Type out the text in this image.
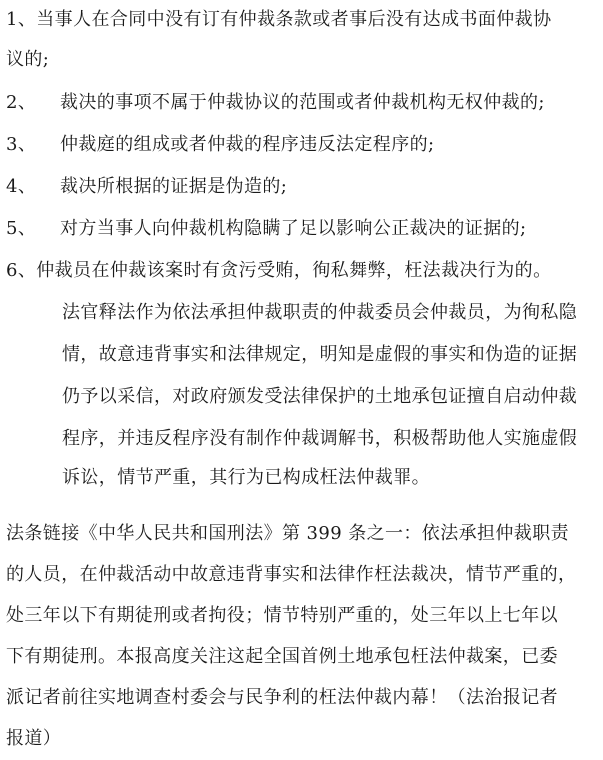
1、当事人在合同中没有订有仲裁条款或者事后没有达成书面仲裁协
议的;
2、 裁决的事项不属于仲裁协议的范围或者仲裁机构无权仲裁的;
3、 仲裁庭的组成或者仲裁的程序违反法定程序的;
4、 裁决所根据的证据是伪造的;
5、 对方当事人向仲裁机构隐瞒了足以影响公正裁决的证据的;
6、仲裁员在仲裁该案时有贪污受贿，徇私舞弊，枉法裁决行为的。
法官释法作为依法承担仲裁职责的仲裁委员会仲裁员，为徇私隐
情，故意违背事实和法律规定，明知是虚假的事实和伪造的证据
仍予以采信，对政府颁发受法律保护的土地承包证擅自启动仲裁
程序，并违反程序没有制作仲裁调解书，积极帮助他人实施虚假
诉讼，情节严重，其行为已构成枉法仲裁罪。
法条链接《中华人民共和国刑法》第 399 条之一：依法承担仲裁职责
的人员，在仲裁活动中故意违背事实和法律作枉法裁决，情节严重的，
处三年以下有期徒刑或者拘役；情节特别严重的，处三年以上七年以
下有期徒刑。本报高度关注这起全国首例土地承包枉法仲裁案，已委
派记者前往实地调查村委会与民争利的枉法仲裁内幕！（法治报记者
报道）
